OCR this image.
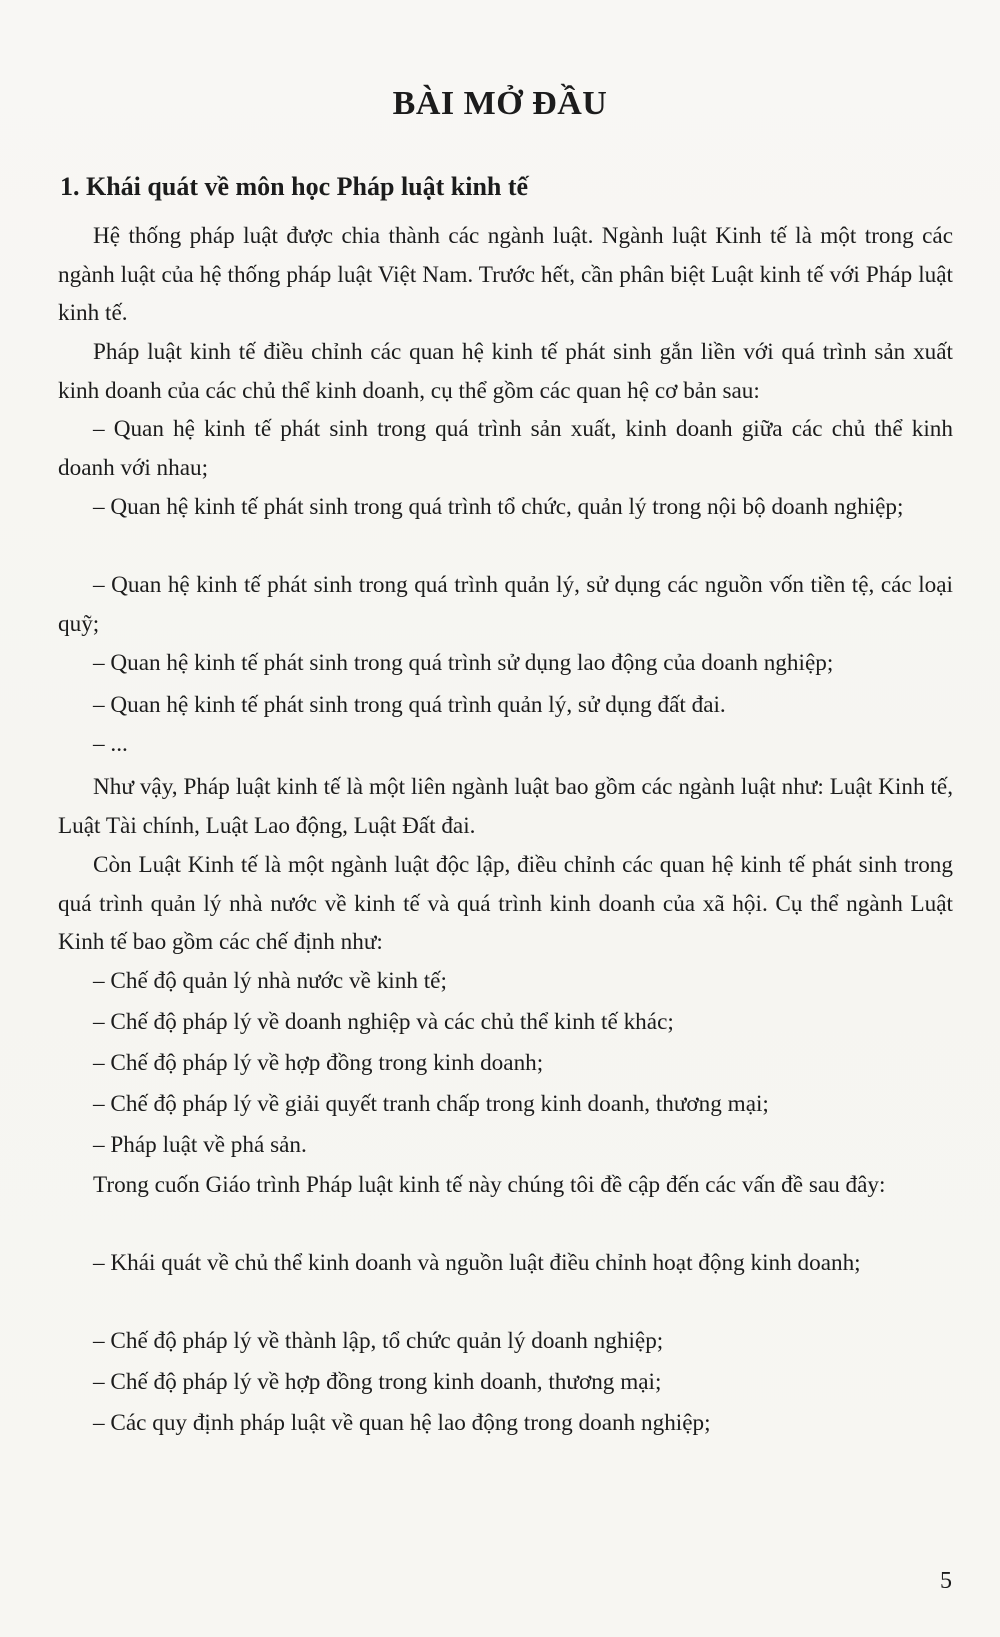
BÀI MỞ ĐẦU
1. Khái quát về môn học Pháp luật kinh tế

Hệ thống pháp luật được chia thành các ngành luật. Ngành luật Kinh tế là một trong các ngành luật của hệ thống pháp luật Việt Nam. Trước hết, cần phân biệt Luật kinh tế với Pháp luật kinh tế.

Pháp luật kinh tế điều chỉnh các quan hệ kinh tế phát sinh gắn liền với quá trình sản xuất kinh doanh của các chủ thể kinh doanh, cụ thể gồm các quan hệ cơ bản sau:

– Quan hệ kinh tế phát sinh trong quá trình sản xuất, kinh doanh giữa các chủ thể kinh doanh với nhau;

– Quan hệ kinh tế phát sinh trong quá trình tổ chức, quản lý trong nội bộ doanh nghiệp;

– Quan hệ kinh tế phát sinh trong quá trình quản lý, sử dụng các nguồn vốn tiền tệ, các loại quỹ;

– Quan hệ kinh tế phát sinh trong quá trình sử dụng lao động của doanh nghiệp;

– Quan hệ kinh tế phát sinh trong quá trình quản lý, sử dụng đất đai.

– ...

Như vậy, Pháp luật kinh tế là một liên ngành luật bao gồm các ngành luật như: Luật Kinh tế, Luật Tài chính, Luật Lao động, Luật Đất đai.

Còn Luật Kinh tế là một ngành luật độc lập, điều chỉnh các quan hệ kinh tế phát sinh trong quá trình quản lý nhà nước về kinh tế và quá trình kinh doanh của xã hội. Cụ thể ngành Luật Kinh tế bao gồm các chế định như:

– Chế độ quản lý nhà nước về kinh tế;

– Chế độ pháp lý về doanh nghiệp và các chủ thể kinh tế khác;

– Chế độ pháp lý về hợp đồng trong kinh doanh;

– Chế độ pháp lý về giải quyết tranh chấp trong kinh doanh, thương mại;

– Pháp luật về phá sản.

Trong cuốn Giáo trình Pháp luật kinh tế này chúng tôi đề cập đến các vấn đề sau đây:

– Khái quát về chủ thể kinh doanh và nguồn luật điều chỉnh hoạt động kinh doanh;

– Chế độ pháp lý về thành lập, tổ chức quản lý doanh nghiệp;

– Chế độ pháp lý về hợp đồng trong kinh doanh, thương mại;

– Các quy định pháp luật về quan hệ lao động trong doanh nghiệp;

5
